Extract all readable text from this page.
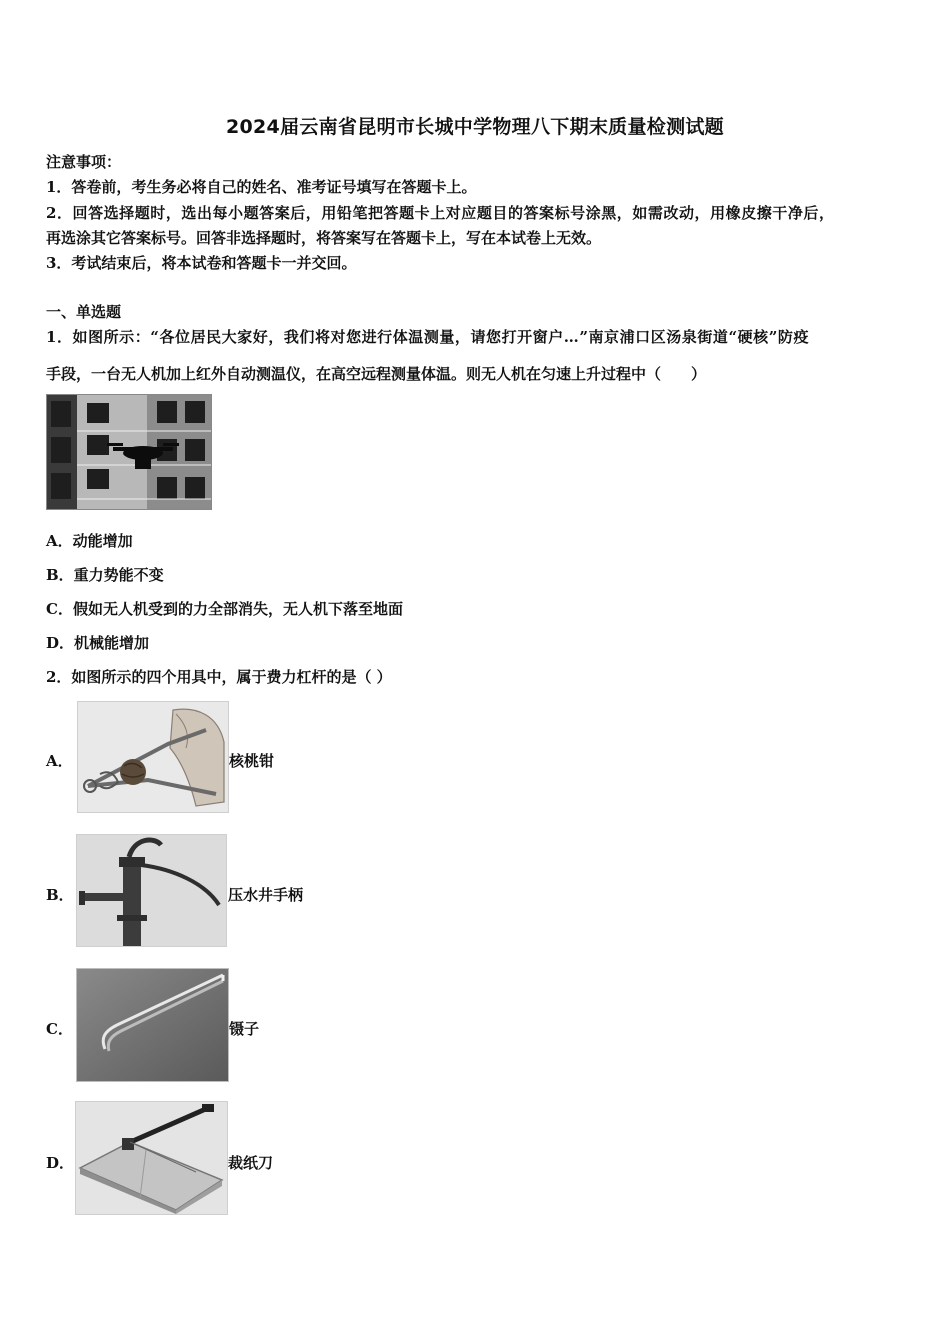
2024届云南省昆明市长城中学物理八下期末质量检测试题
注意事项：
1．答卷前，考生务必将自己的姓名、准考证号填写在答题卡上。
2．回答选择题时，选出每小题答案后，用铅笔把答题卡上对应题目的答案标号涂黑，如需改动，用橡皮擦干净后，
再选涂其它答案标号。回答非选择题时，将答案写在答题卡上，写在本试卷上无效。
3．考试结束后，将本试卷和答题卡一并交回。
一、单选题
1．如图所示：“各位居民大家好，我们将对您进行体温测量，请您打开窗户…”南京浦口区汤泉街道“硬核”防疫
手段，一台无人机加上红外自动测温仪，在高空远程测量体温。则无人机在匀速上升过程中（　　）
A．动能增加
B．重力势能不变
C．假如无人机受到的力全部消失，无人机下落至地面
D．机械能增加
2．如图所示的四个用具中，属于费力杠杆的是（ ）
A．	核桃钳
B．	压水井手柄
C．	镊子
D．	裁纸刀
